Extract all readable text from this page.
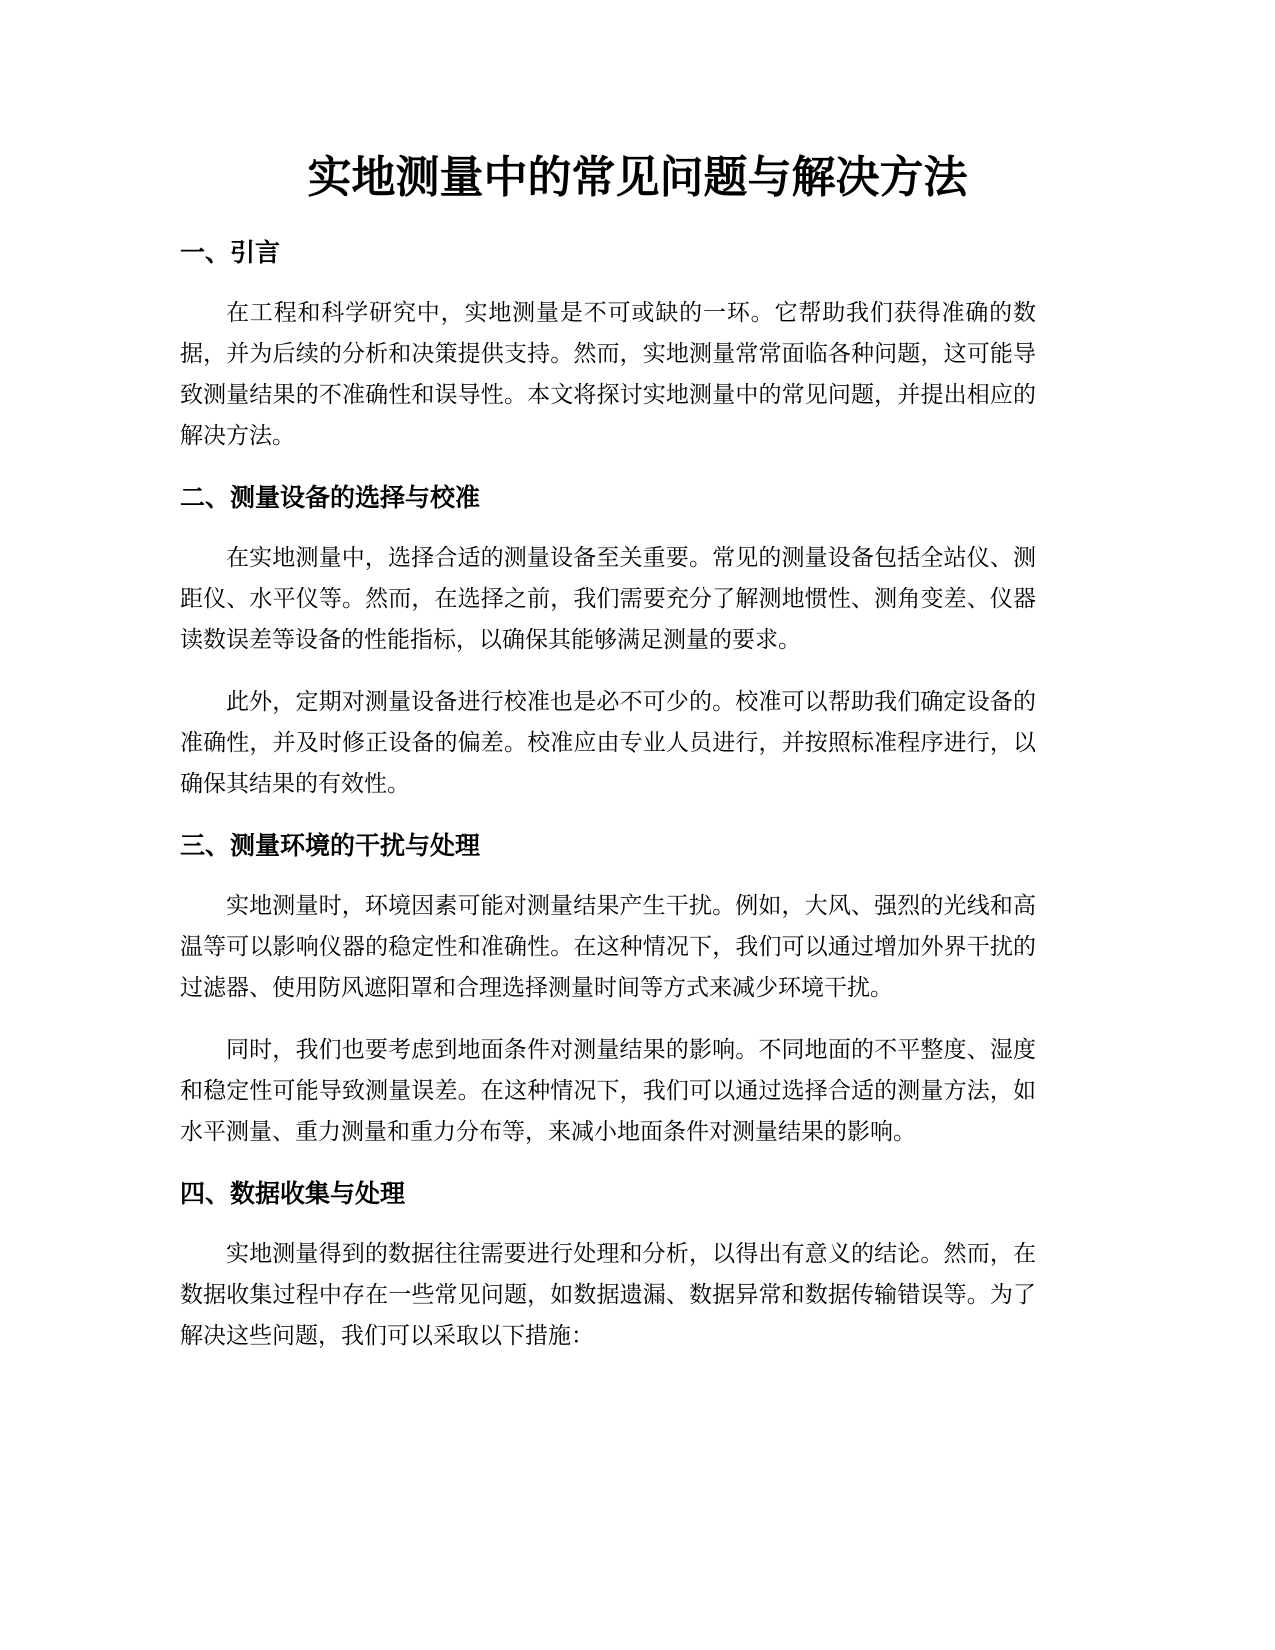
实地测量中的常见问题与解决方法
一、引言

在工程和科学研究中，实地测量是不可或缺的一环。它帮助我们获得准确的数据，并为后续的分析和决策提供支持。然而，实地测量常常面临各种问题，这可能导致测量结果的不准确性和误导性。本文将探讨实地测量中的常见问题，并提出相应的解决方法。

二、测量设备的选择与校准

在实地测量中，选择合适的测量设备至关重要。常见的测量设备包括全站仪、测距仪、水平仪等。然而，在选择之前，我们需要充分了解测地惯性、测角变差、仪器读数误差等设备的性能指标，以确保其能够满足测量的要求。

此外，定期对测量设备进行校准也是必不可少的。校准可以帮助我们确定设备的准确性，并及时修正设备的偏差。校准应由专业人员进行，并按照标准程序进行，以确保其结果的有效性。

三、测量环境的干扰与处理

实地测量时，环境因素可能对测量结果产生干扰。例如，大风、强烈的光线和高温等可以影响仪器的稳定性和准确性。在这种情况下，我们可以通过增加外界干扰的过滤器、使用防风遮阳罩和合理选择测量时间等方式来减少环境干扰。

同时，我们也要考虑到地面条件对测量结果的影响。不同地面的不平整度、湿度和稳定性可能导致测量误差。在这种情况下，我们可以通过选择合适的测量方法，如水平测量、重力测量和重力分布等，来减小地面条件对测量结果的影响。

四、数据收集与处理

实地测量得到的数据往往需要进行处理和分析，以得出有意义的结论。然而，在数据收集过程中存在一些常见问题，如数据遗漏、数据异常和数据传输错误等。为了解决这些问题，我们可以采取以下措施：
